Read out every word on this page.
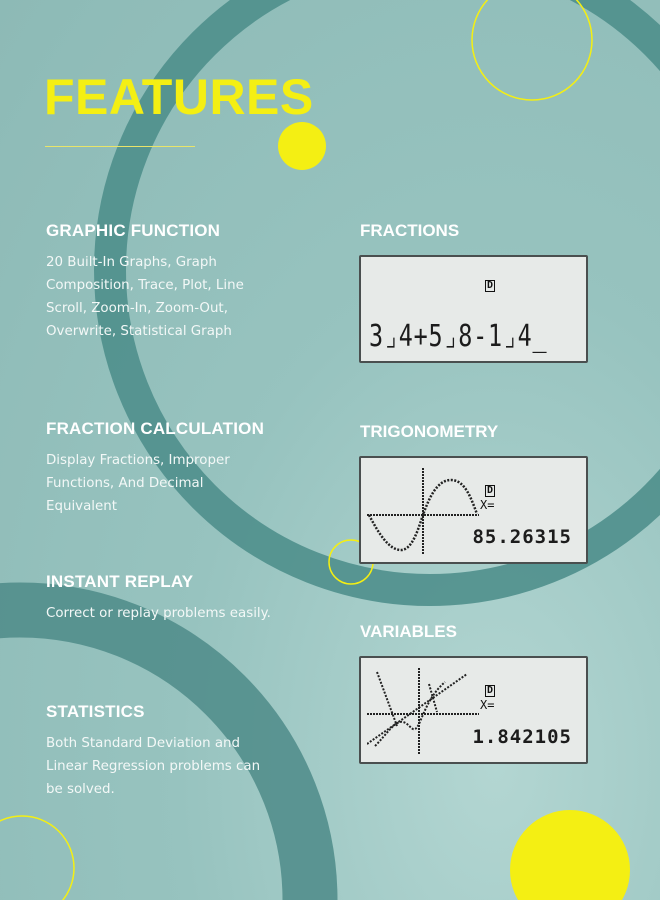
FEATURES
GRAPHIC FUNCTION

20 Built-In Graphs, Graph Composition, Trace, Plot, Line Scroll, Zoom-In, Zoom-Out, Overwrite, Statistical Graph

FRACTION CALCULATION

Display Fractions, Improper Functions, And Decimal Equivalent

INSTANT REPLAY

Correct or replay problems easily.

STATISTICS

Both Standard Deviation and Linear Regression problems can be solved.

FRACTIONS
D
3⌟4+5⌟8-1⌟4_
TRIGONOMETRY
D
X=
85.26315
VARIABLES
D
X=
1.842105
